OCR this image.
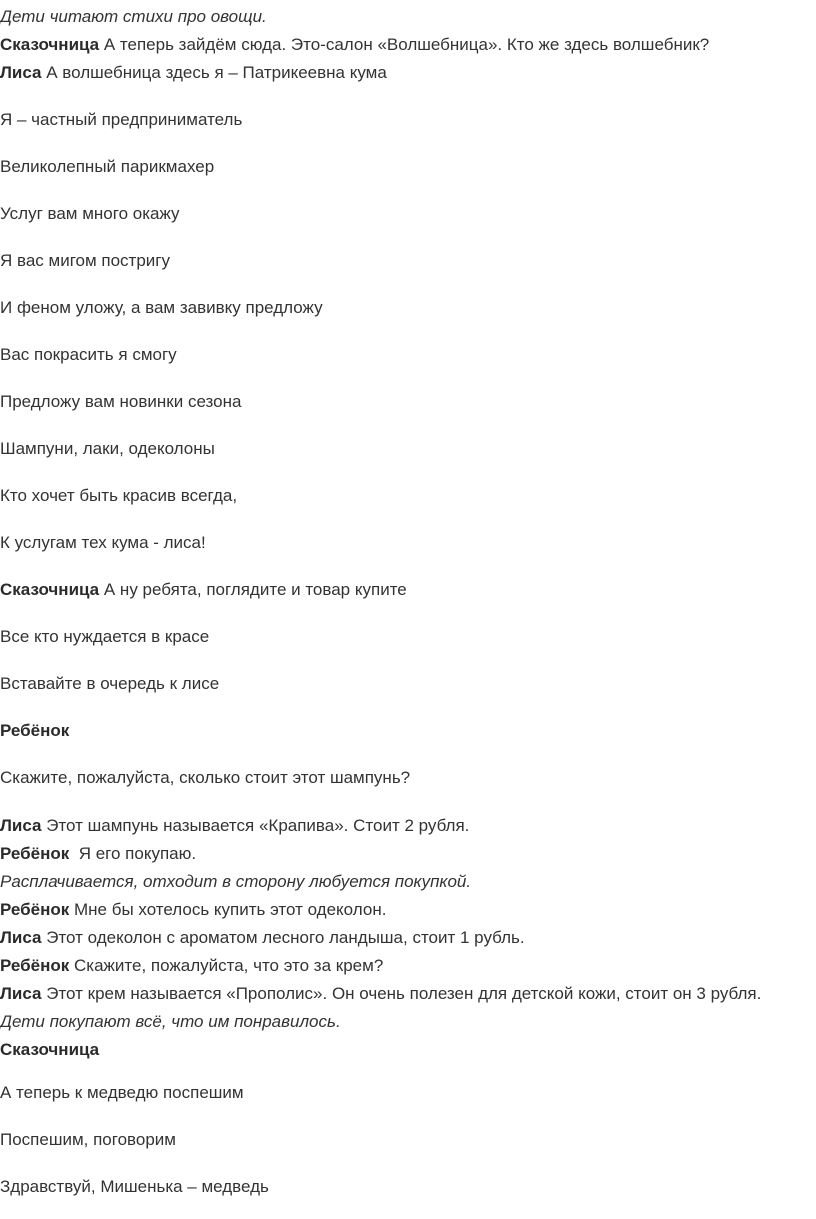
Дети читают стихи про овощи.
Сказочница А теперь зайдём сюда. Это-салон «Волшебница». Кто же здесь волшебник?
Лиса А волшебница здесь я – Патрикеевна кума
Я – частный предприниматель
Великолепный парикмахер
Услуг вам много окажу
Я вас мигом постригу
И феном уложу, а вам завивку предложу
Вас покрасить я смогу
Предложу вам новинки сезона
Шампуни, лаки, одеколоны
Кто хочет быть красив всегда,
К услугам тех кума - лиса!
Сказочница А ну ребята, поглядите и товар купите
Все кто нуждается в красе
Вставайте в очередь к лисе
Ребёнок
Скажите, пожалуйста, сколько стоит этот шампунь?
Лиса Этот шампунь называется «Крапива». Стоит 2 рубля.
Ребёнок  Я его покупаю.
Расплачивается, отходит в сторону любуется покупкой.
Ребёнок Мне бы хотелось купить этот одеколон.
Лиса Этот одеколон с ароматом лесного ландыша, стоит 1 рубль.
Ребёнок Скажите, пожалуйста, что это за крем?
Лиса Этот крем называется «Прополис». Он очень полезен для детской кожи, стоит он 3 рубля.
Дети покупают всё, что им понравилось.
Сказочница
А теперь к медведю поспешим
Поспешим, поговорим
Здравствуй, Мишенька – медведь
